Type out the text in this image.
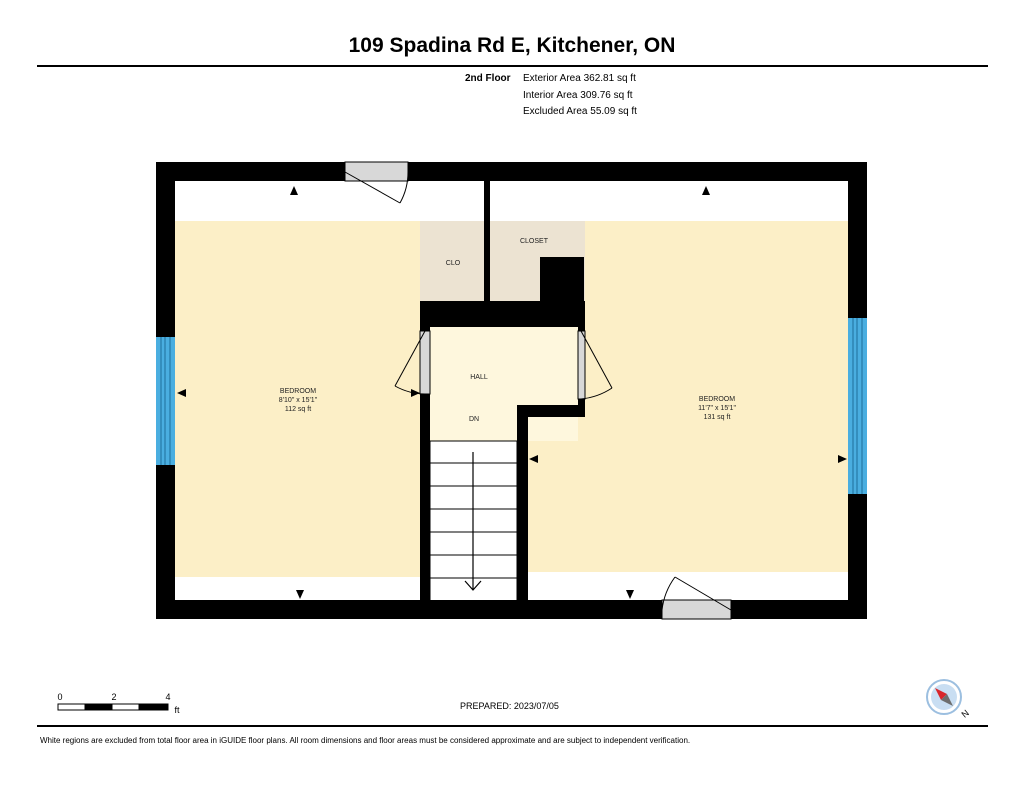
109 Spadina Rd E, Kitchener, ON
2nd Floor Exterior Area 362.81 sq ft
Interior Area 309.76 sq ft
Excluded Area 55.09 sq ft
BEDROOM
8'10" x 15'1"
112 sq ft
BEDROOM
11'7" x 15'1"
131 sq ft
CLO
CLOSET
HALL
DN
0	2	4
ft	PREPARED: 2023/07/05
N
White regions are excluded from total floor area in iGUIDE floor plans. All room dimensions and floor areas must be considered approximate and are subject to independent verification.
